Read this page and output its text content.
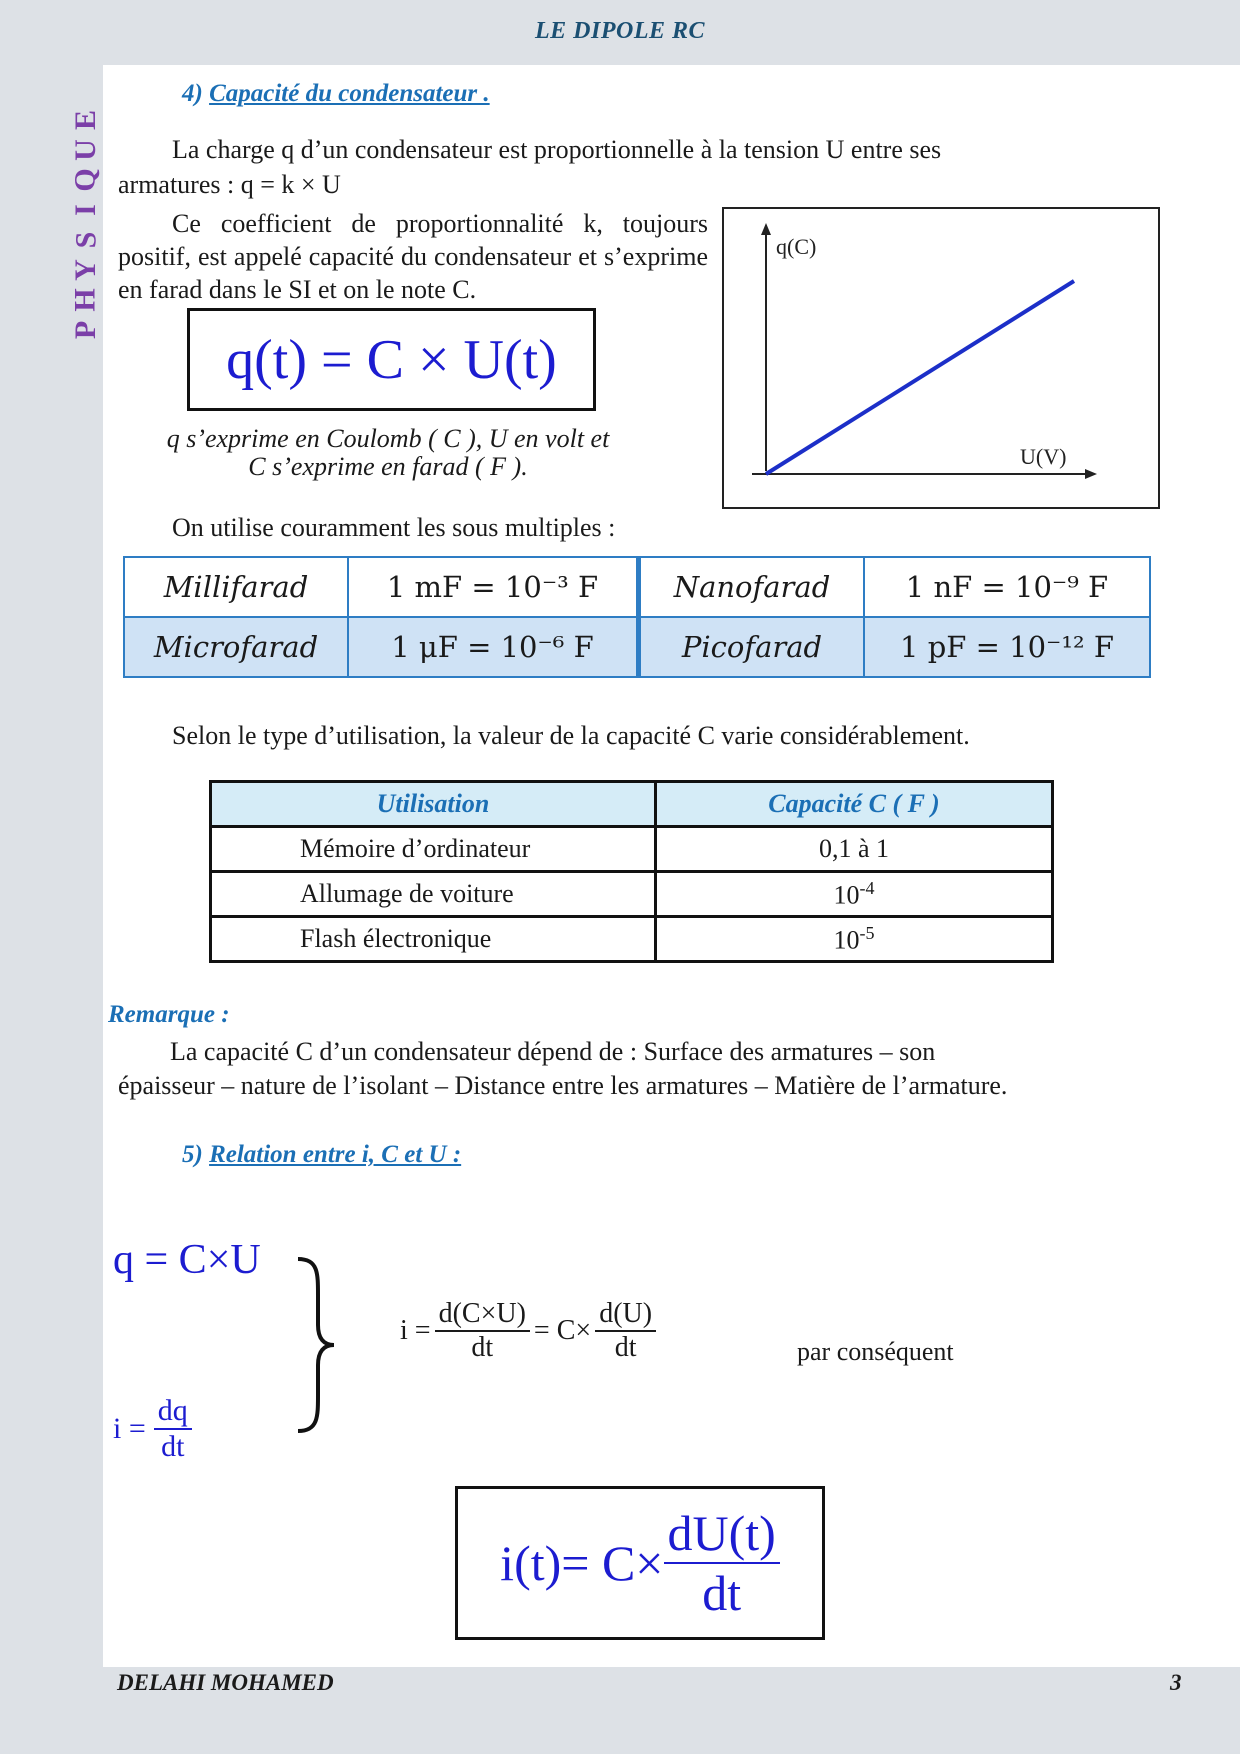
LE DIPOLE RC
E
U
Q
I
S
Y
H
P
4) Capacité du condensateur .
La charge q d’un condensateur est proportionnelle à la tension U entre ses
armatures : q = k × U
Ce coefficient de proportionnalité k, toujours positif, est appelé capacité du condensateur et s’exprime en farad dans le SI et on le note C.
q(t) = C × U(t)
q s’exprime en Coulomb ( C ), U en volt et
C s’exprime en farad ( F ).
q(C)
U(V)
On utilise couramment les sous multiples :
Millifarad	1 mF = 10⁻³ F	Nanofarad	1 nF = 10⁻⁹ F
Microfarad	1 μF = 10⁻⁶ F	Picofarad	1 pF = 10⁻¹² F
Selon le type d’utilisation, la valeur de la capacité C varie considérablement.
Utilisation	Capacité C ( F )
Mémoire d’ordinateur	0,1 à 1
Allumage de voiture	$10^{-4}$
Flash électronique	$10^{-5}$
Remarque :
La capacité C d’un condensateur dépend de : Surface des armatures – son
épaisseur – nature de l’isolant – Distance entre les armatures – Matière de l’armature.
5) Relation entre i, C et U :
q = C×U
$i = \frac{dq}{dt}$
$i = \frac{d(C\times U)}{dt} = C\times \frac{d(U)}{dt}$	par conséquent
$i(t)= C\times \frac{dU(t)}{dt}$
DELAHI MOHAMED	3
